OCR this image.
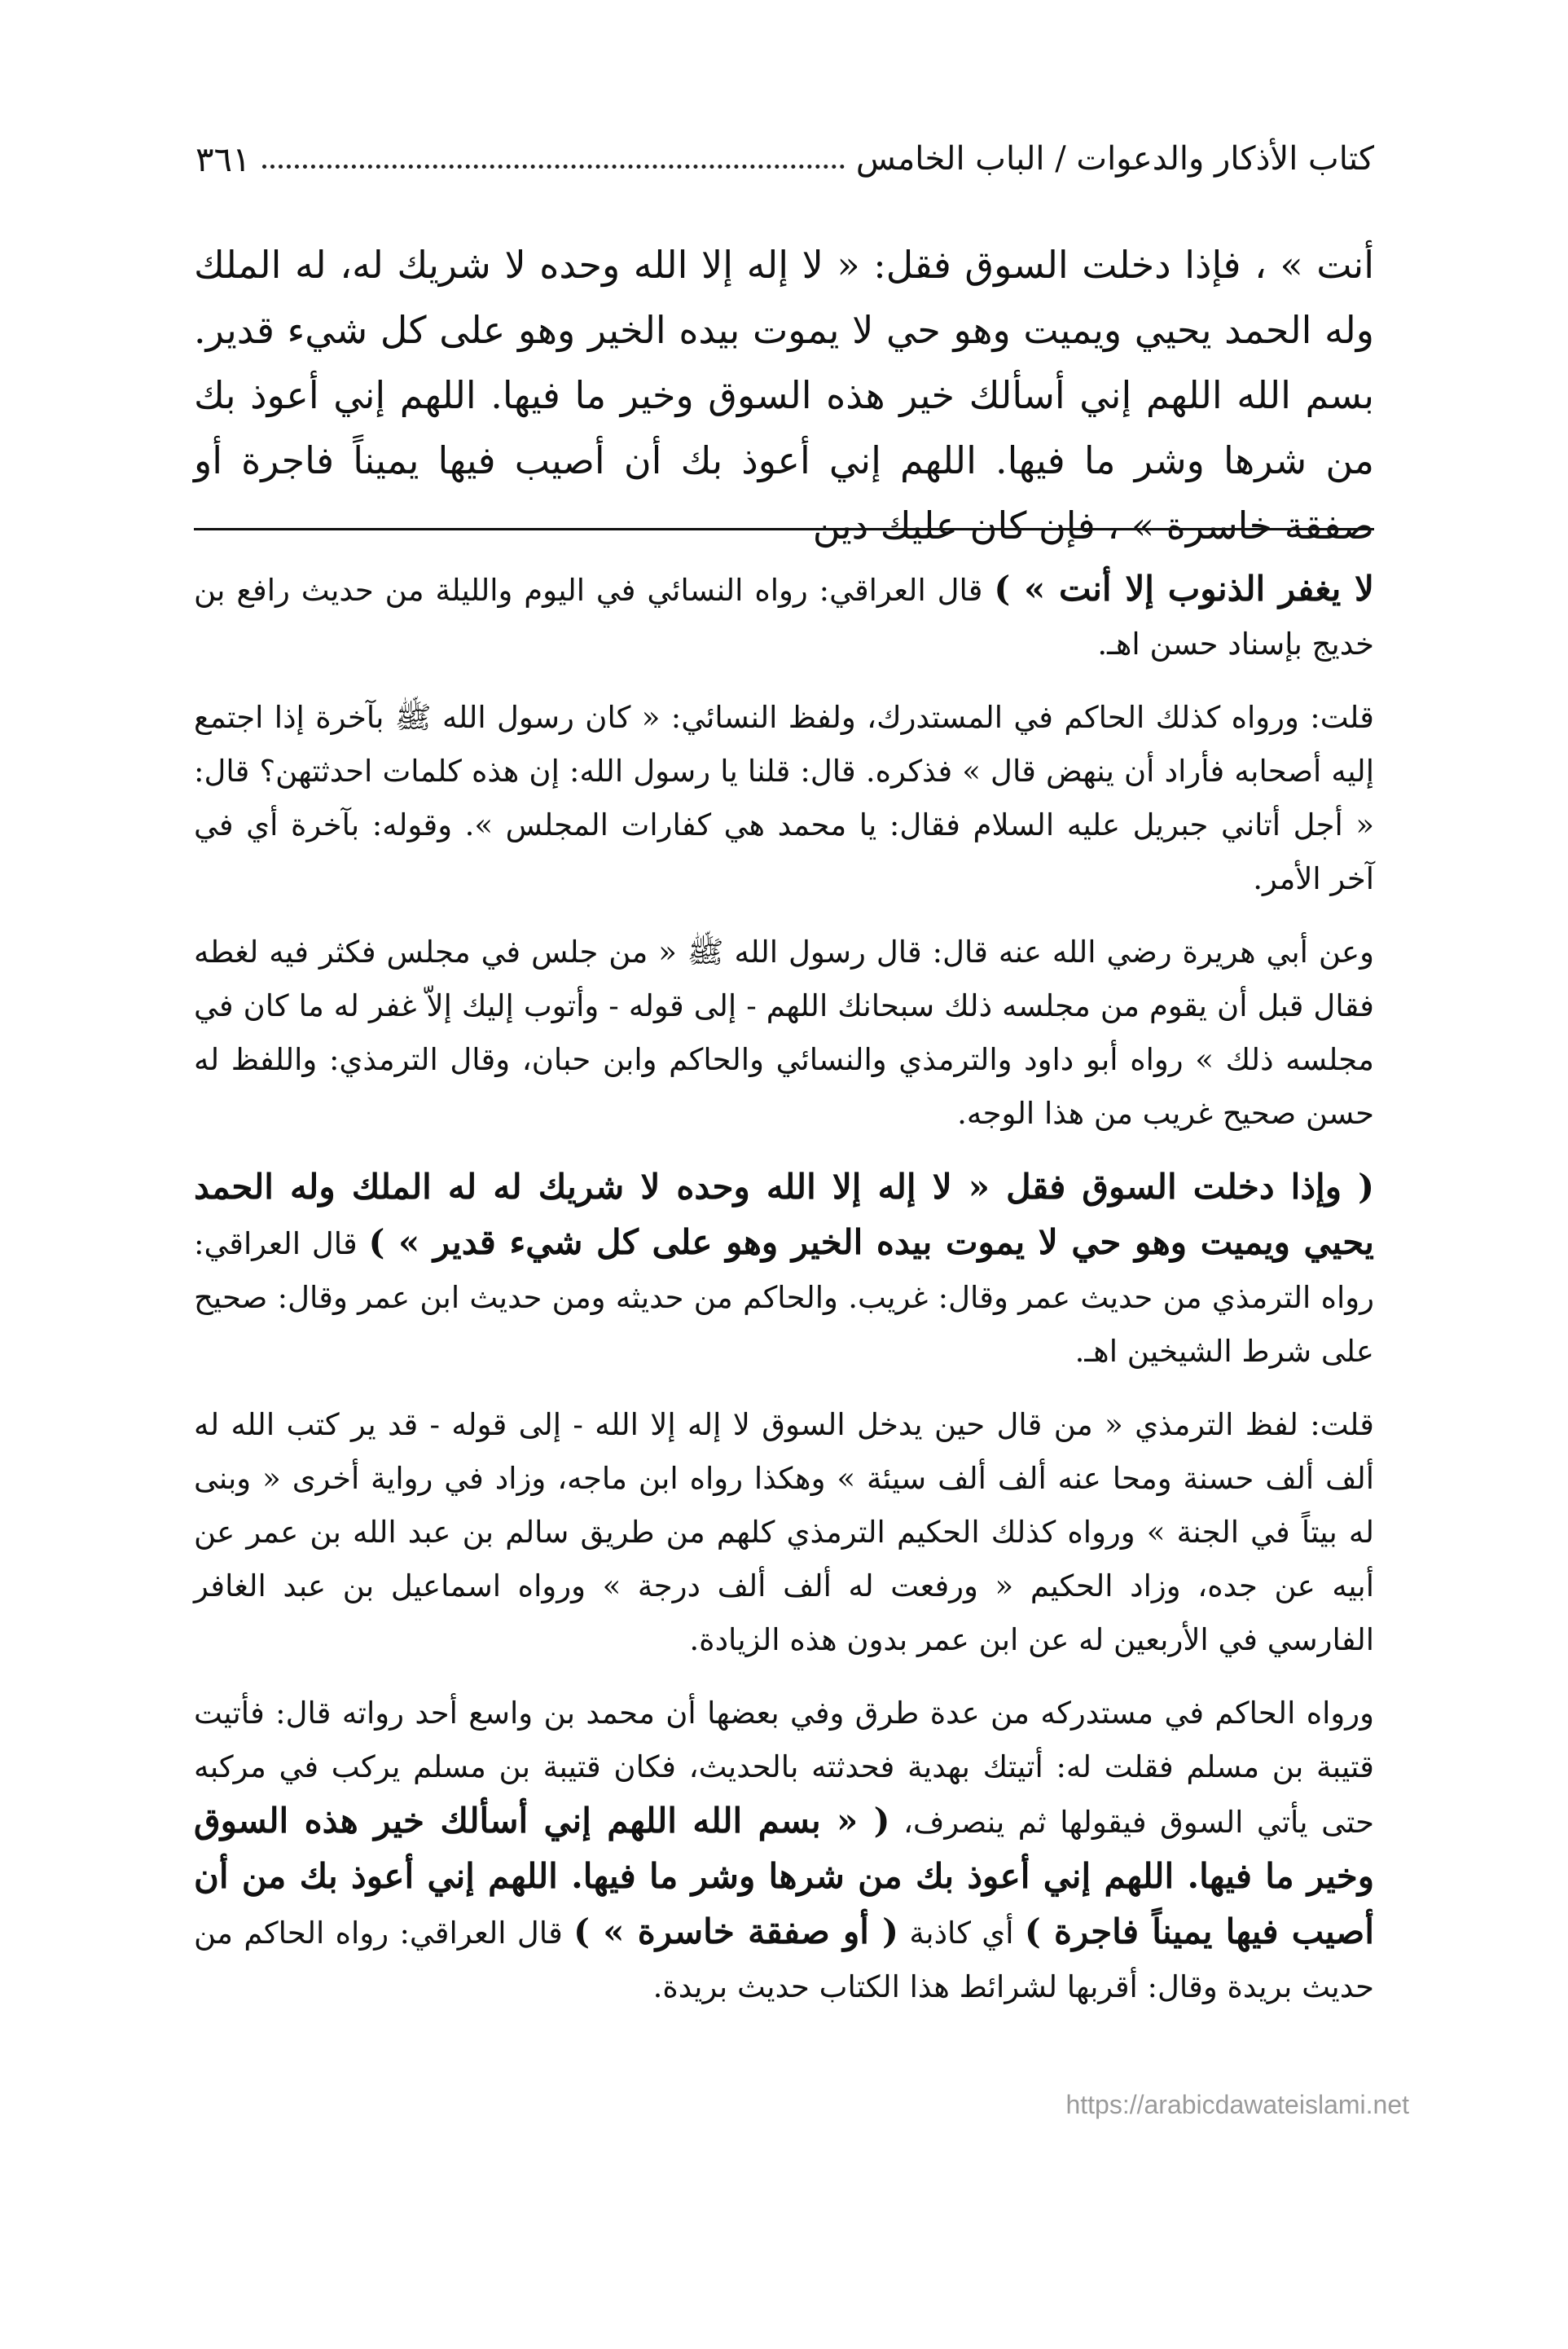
كتاب الأذكار والدعوات / الباب الخامس
٣٦١

أنت » ، فإذا دخلت السوق فقل: « لا إله إلا الله وحده لا شريك له، له الملك وله الحمد يحيي ويميت وهو حي لا يموت بيده الخير وهو على كل شيء قدير. بسم الله اللهم إني أسألك خير هذه السوق وخير ما فيها. اللهم إني أعوذ بك من شرها وشر ما فيها. اللهم إني أعوذ بك أن أصيب فيها يميناً فاجرة أو صفقة خاسرة » ، فإن كان عليك دين

لا يغفر الذنوب إلا أنت » ) قال العراقي: رواه النسائي في اليوم والليلة من حديث رافع بن خديج بإسناد حسن اهـ.

قلت: ورواه كذلك الحاكم في المستدرك، ولفظ النسائي: « كان رسول الله ﷺ بآخرة إذا اجتمع إليه أصحابه فأراد أن ينهض قال » فذكره. قال: قلنا يا رسول الله: إن هذه كلمات احدثتهن؟ قال: « أجل أتاني جبريل عليه السلام فقال: يا محمد هي كفارات المجلس ». وقوله: بآخرة أي في آخر الأمر.

وعن أبي هريرة رضي الله عنه قال: قال رسول الله ﷺ « من جلس في مجلس فكثر فيه لغطه فقال قبل أن يقوم من مجلسه ذلك سبحانك اللهم - إلى قوله - وأتوب إليك إلاّ غفر له ما كان في مجلسه ذلك » رواه أبو داود والترمذي والنسائي والحاكم وابن حبان، وقال الترمذي: واللفظ له حسن صحيح غريب من هذا الوجه.

( وإذا دخلت السوق فقل « لا إله إلا الله وحده لا شريك له له الملك وله الحمد يحيي ويميت وهو حي لا يموت بيده الخير وهو على كل شيء قدير » ) قال العراقي: رواه الترمذي من حديث عمر وقال: غريب. والحاكم من حديثه ومن حديث ابن عمر وقال: صحيح على شرط الشيخين اهـ.

قلت: لفظ الترمذي « من قال حين يدخل السوق لا إله إلا الله - إلى قوله - قد ير كتب الله له ألف ألف حسنة ومحا عنه ألف ألف سيئة » وهكذا رواه ابن ماجه، وزاد في رواية أخرى « وبنى له بيتاً في الجنة » ورواه كذلك الحكيم الترمذي كلهم من طريق سالم بن عبد الله بن عمر عن أبيه عن جده، وزاد الحكيم « ورفعت له ألف ألف درجة » ورواه اسماعيل بن عبد الغافر الفارسي في الأربعين له عن ابن عمر بدون هذه الزيادة.

ورواه الحاكم في مستدركه من عدة طرق وفي بعضها أن محمد بن واسع أحد رواته قال: فأتيت قتيبة بن مسلم فقلت له: أتيتك بهدية فحدثته بالحديث، فكان قتيبة بن مسلم يركب في مركبه حتى يأتي السوق فيقولها ثم ينصرف، ( « بسم الله اللهم إني أسألك خير هذه السوق وخير ما فيها. اللهم إني أعوذ بك من شرها وشر ما فيها. اللهم إني أعوذ بك من أن أصيب فيها يميناً فاجرة ) أي كاذبة ( أو صفقة خاسرة » ) قال العراقي: رواه الحاكم من حديث بريدة وقال: أقربها لشرائط هذا الكتاب حديث بريدة.

https://arabicdawateislami.net
